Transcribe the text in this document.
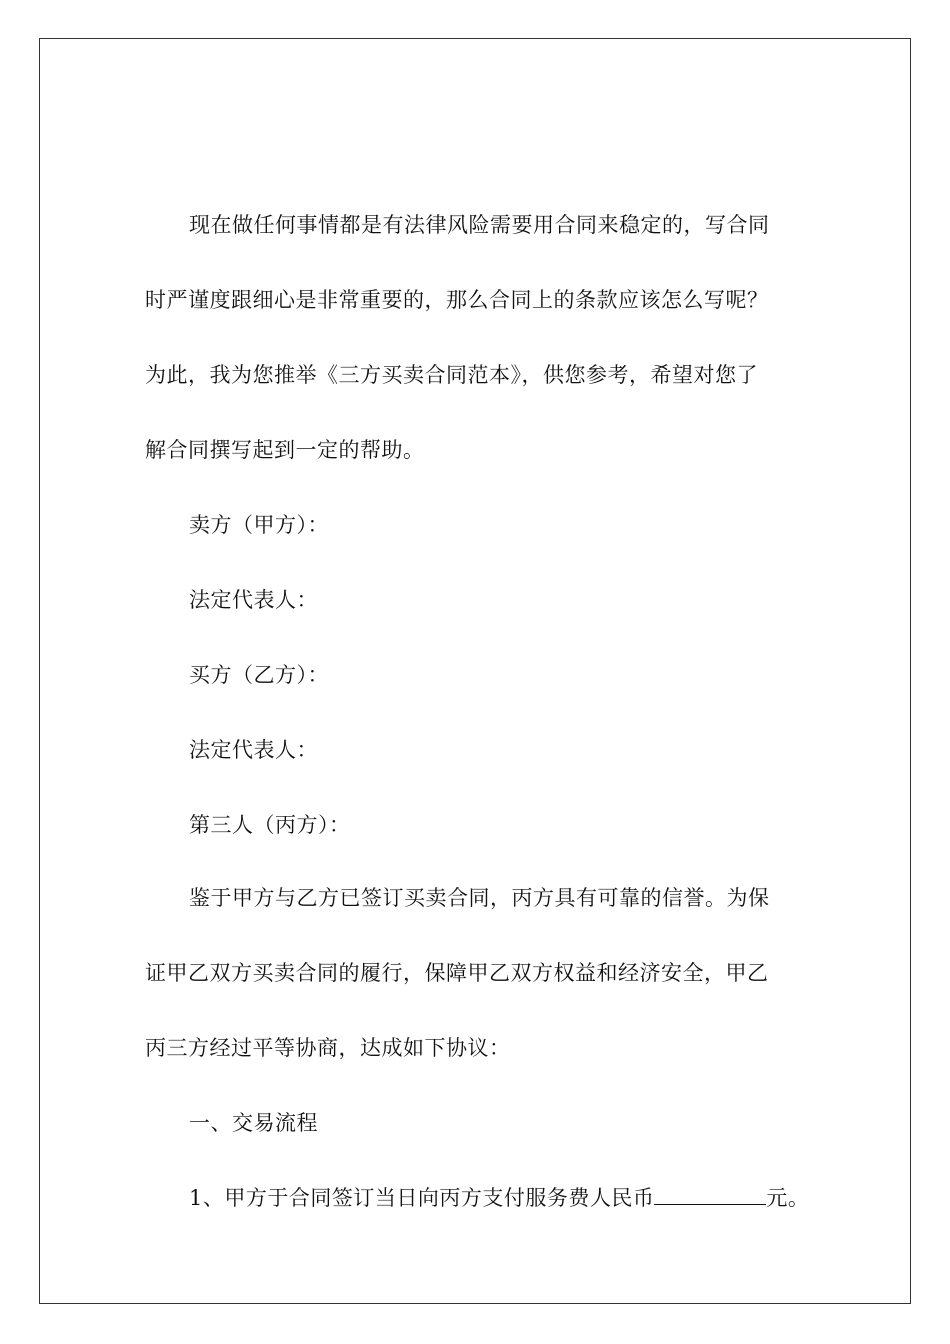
现在做任何事情都是有法律风险需要用合同来稳定的，写合同
时严谨度跟细心是非常重要的，那么合同上的条款应该怎么写呢？
为此，我为您推举《三方买卖合同范本》，供您参考，希望对您了
解合同撰写起到一定的帮助。
卖方（甲方）：
法定代表人：
买方（乙方）：
法定代表人：
第三人（丙方）：
鉴于甲方与乙方已签订买卖合同，丙方具有可靠的信誉。为保
证甲乙双方买卖合同的履行，保障甲乙双方权益和经济安全，甲乙
丙三方经过平等协商，达成如下协议：
一、交易流程
1、甲方于合同签订当日向丙方支付服务费人民币	元。
